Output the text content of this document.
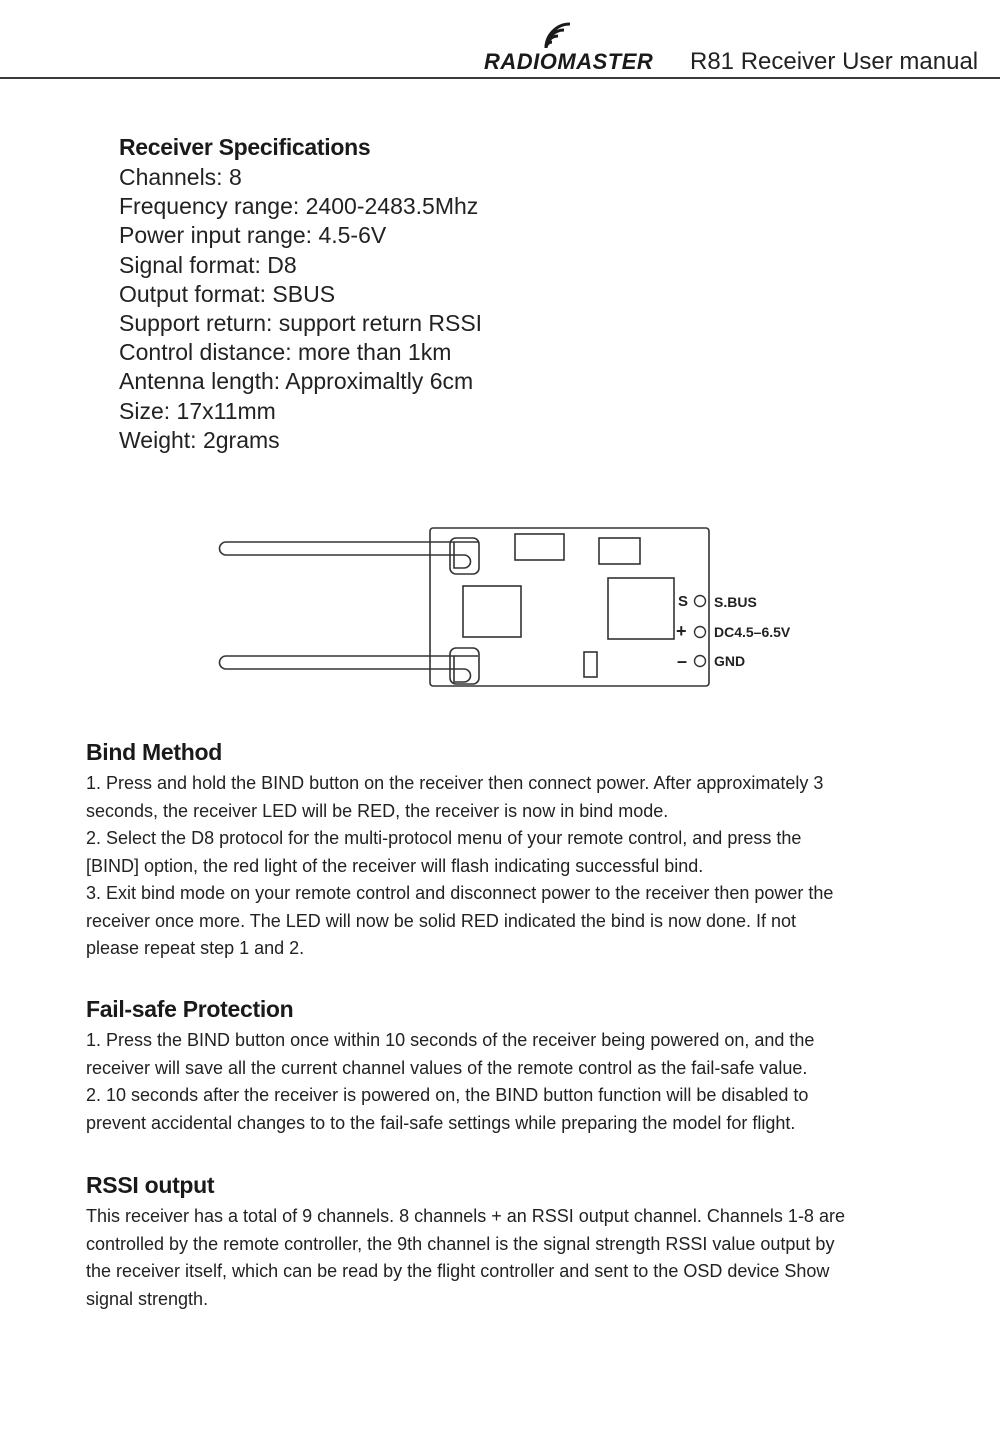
RADIOMASTER R81 Receiver User manual
Receiver Specifications
Channels: 8
Frequency range: 2400-2483.5Mhz
Power input range: 4.5-6V
Signal format: D8
Output format: SBUS
Support return: support return RSSI
Control distance: more than 1km
Antenna length: Approximaltly 6cm
Size: 17x11mm
Weight: 2grams
S
+
–
S.BUS
DC4.5–6.5V
GND
Bind Method
1. Press and hold the BIND button on the receiver then connect power. After approximately 3
seconds, the receiver LED will be RED, the receiver is now in bind mode.
2. Select the D8 protocol for the multi-protocol menu of your remote control, and press the
[BIND] option, the red light of the receiver will flash indicating successful bind.
3. Exit bind mode on your remote control and disconnect power to the receiver then power the
receiver once more. The LED will now be solid RED indicated the bind is now done. If not
please repeat step 1 and 2.
Fail-safe Protection
1. Press the BIND button once within 10 seconds of the receiver being powered on, and the
receiver will save all the current channel values of the remote control as the fail-safe value.
2. 10 seconds after the receiver is powered on, the BIND button function will be disabled to
prevent accidental changes to to the fail-safe settings while preparing the model for flight.
RSSI output
This receiver has a total of 9 channels. 8 channels + an RSSI output channel. Channels 1-8 are
controlled by the remote controller, the 9th channel is the signal strength RSSI value output by
the receiver itself, which can be read by the flight controller and sent to the OSD device Show
signal strength.
